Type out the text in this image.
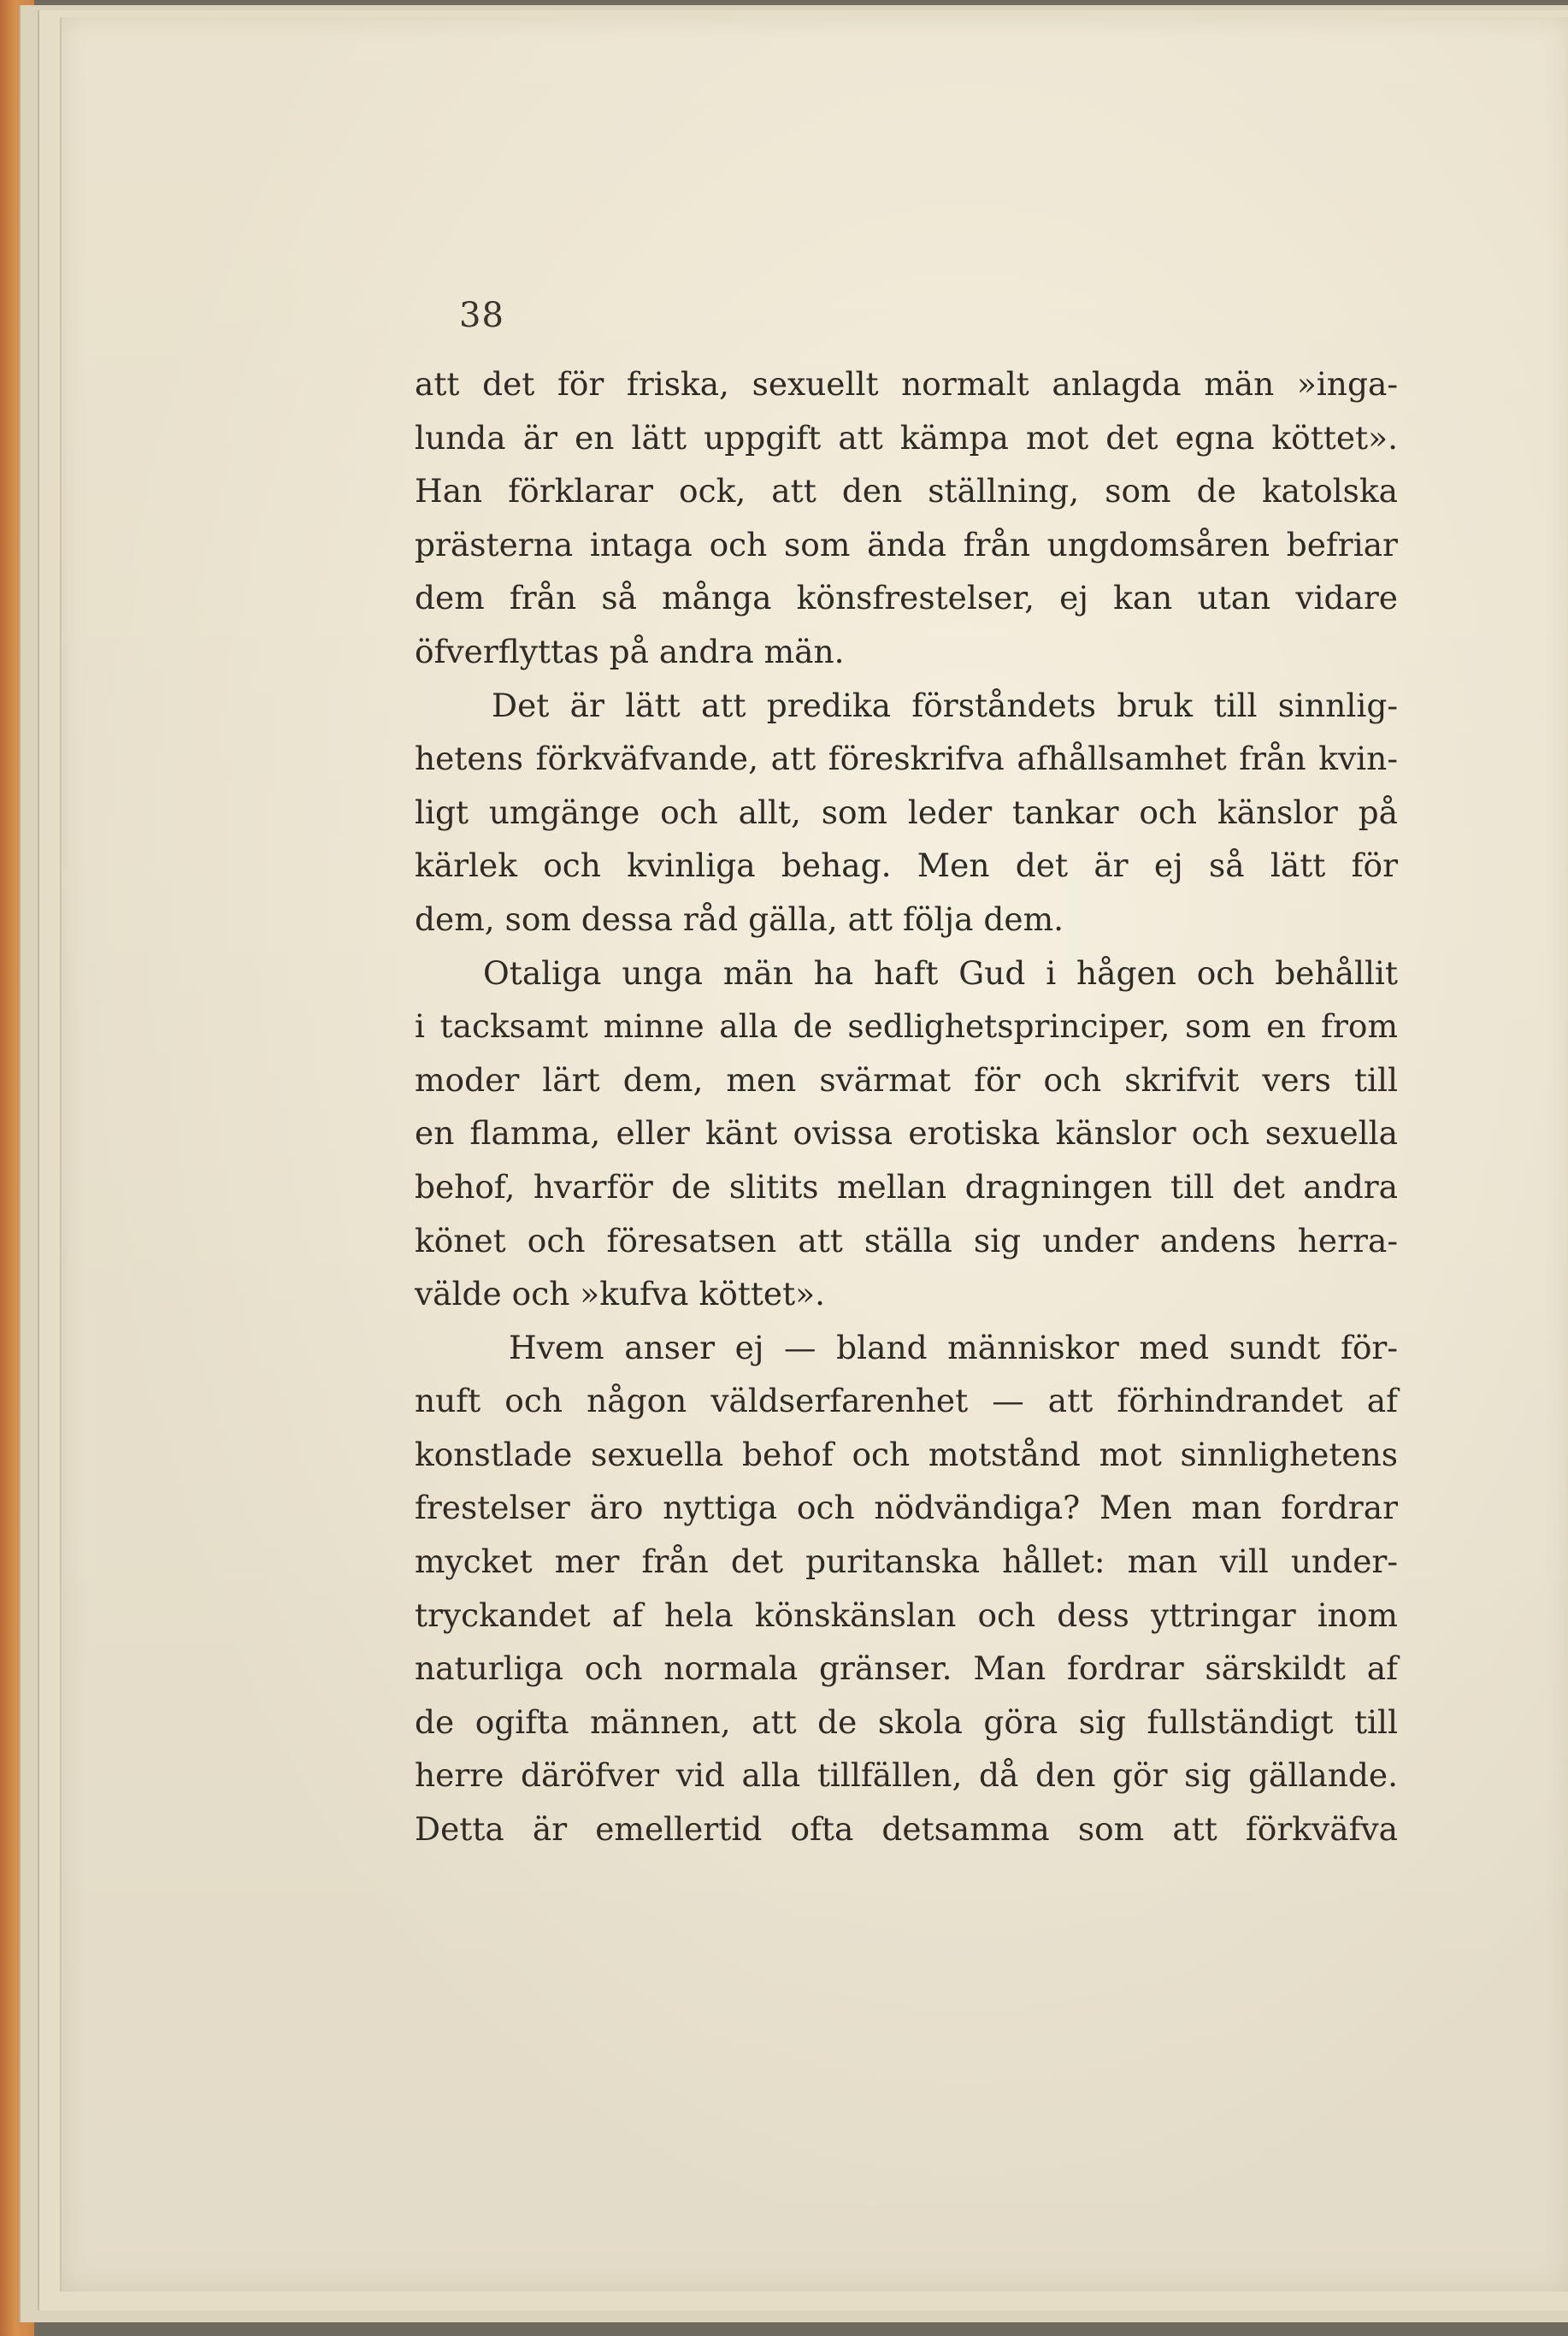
38
att det för friska, sexuellt normalt anlagda män »inga-
lunda är en lätt uppgift att kämpa mot det egna köttet».
Han förklarar ock, att den ställning, som de katolska
prästerna intaga och som ända från ungdomsåren befriar
dem från så många könsfrestelser, ej kan utan vidare
öfverflyttas på andra män.
Det är lätt att predika förståndets bruk till sinnlig-
hetens förkväfvande, att föreskrifva afhållsamhet från kvin-
ligt umgänge och allt, som leder tankar och känslor på
kärlek och kvinliga behag. Men det är ej så lätt för
dem, som dessa råd gälla, att följa dem.
Otaliga unga män ha haft Gud i hågen och behållit
i tacksamt minne alla de sedlighetsprinciper, som en from
moder lärt dem, men svärmat för och skrifvit vers till
en flamma, eller känt ovissa erotiska känslor och sexuella
behof, hvarför de slitits mellan dragningen till det andra
könet och föresatsen att ställa sig under andens herra-
välde och »kufva köttet».
Hvem anser ej — bland människor med sundt för-
nuft och någon väldserfarenhet — att förhindrandet af
konstlade sexuella behof och motstånd mot sinnlighetens
frestelser äro nyttiga och nödvändiga? Men man fordrar
mycket mer från det puritanska hållet: man vill under-
tryckandet af hela könskänslan och dess yttringar inom
naturliga och normala gränser. Man fordrar särskildt af
de ogifta männen, att de skola göra sig fullständigt till
herre däröfver vid alla tillfällen, då den gör sig gällande.
Detta är emellertid ofta detsamma som att förkväfva
